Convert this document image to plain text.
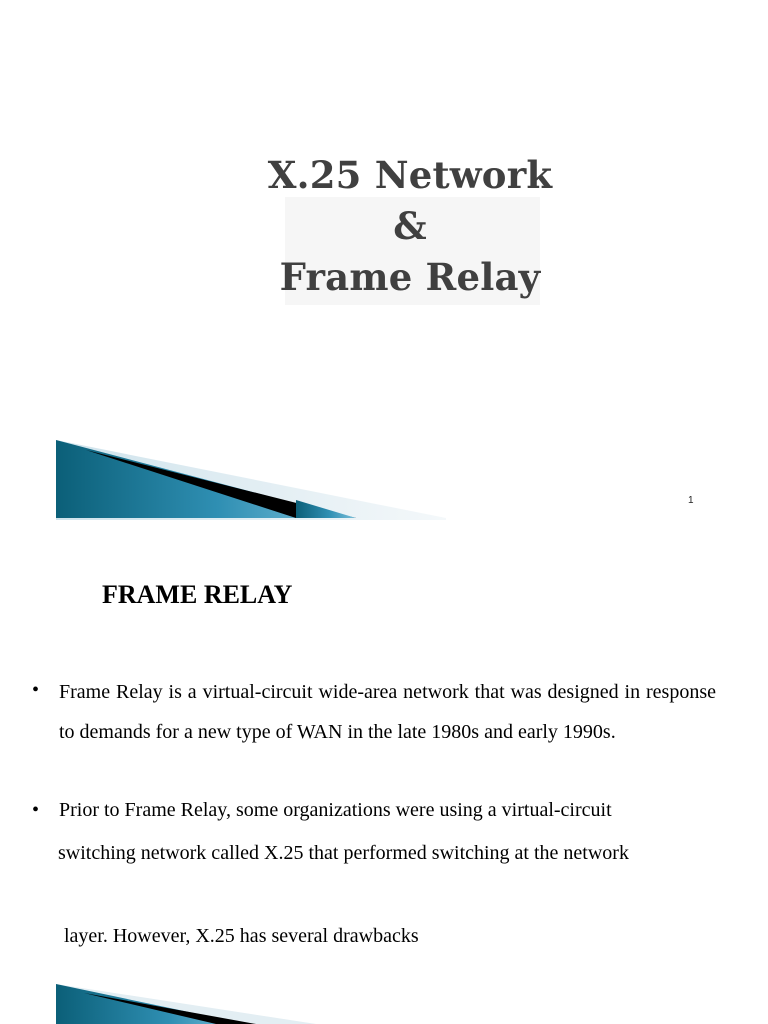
X.25 Network
&
Frame Relay
1
FRAME RELAY
• Frame Relay is a virtual-circuit wide-area network that was designed in response to demands for a new type of WAN in the late 1980s and early 1990s.
• Prior to Frame Relay, some organizations were using a virtual-circuit
switching network called X.25 that performed switching at the network
layer. However, X.25 has several drawbacks
